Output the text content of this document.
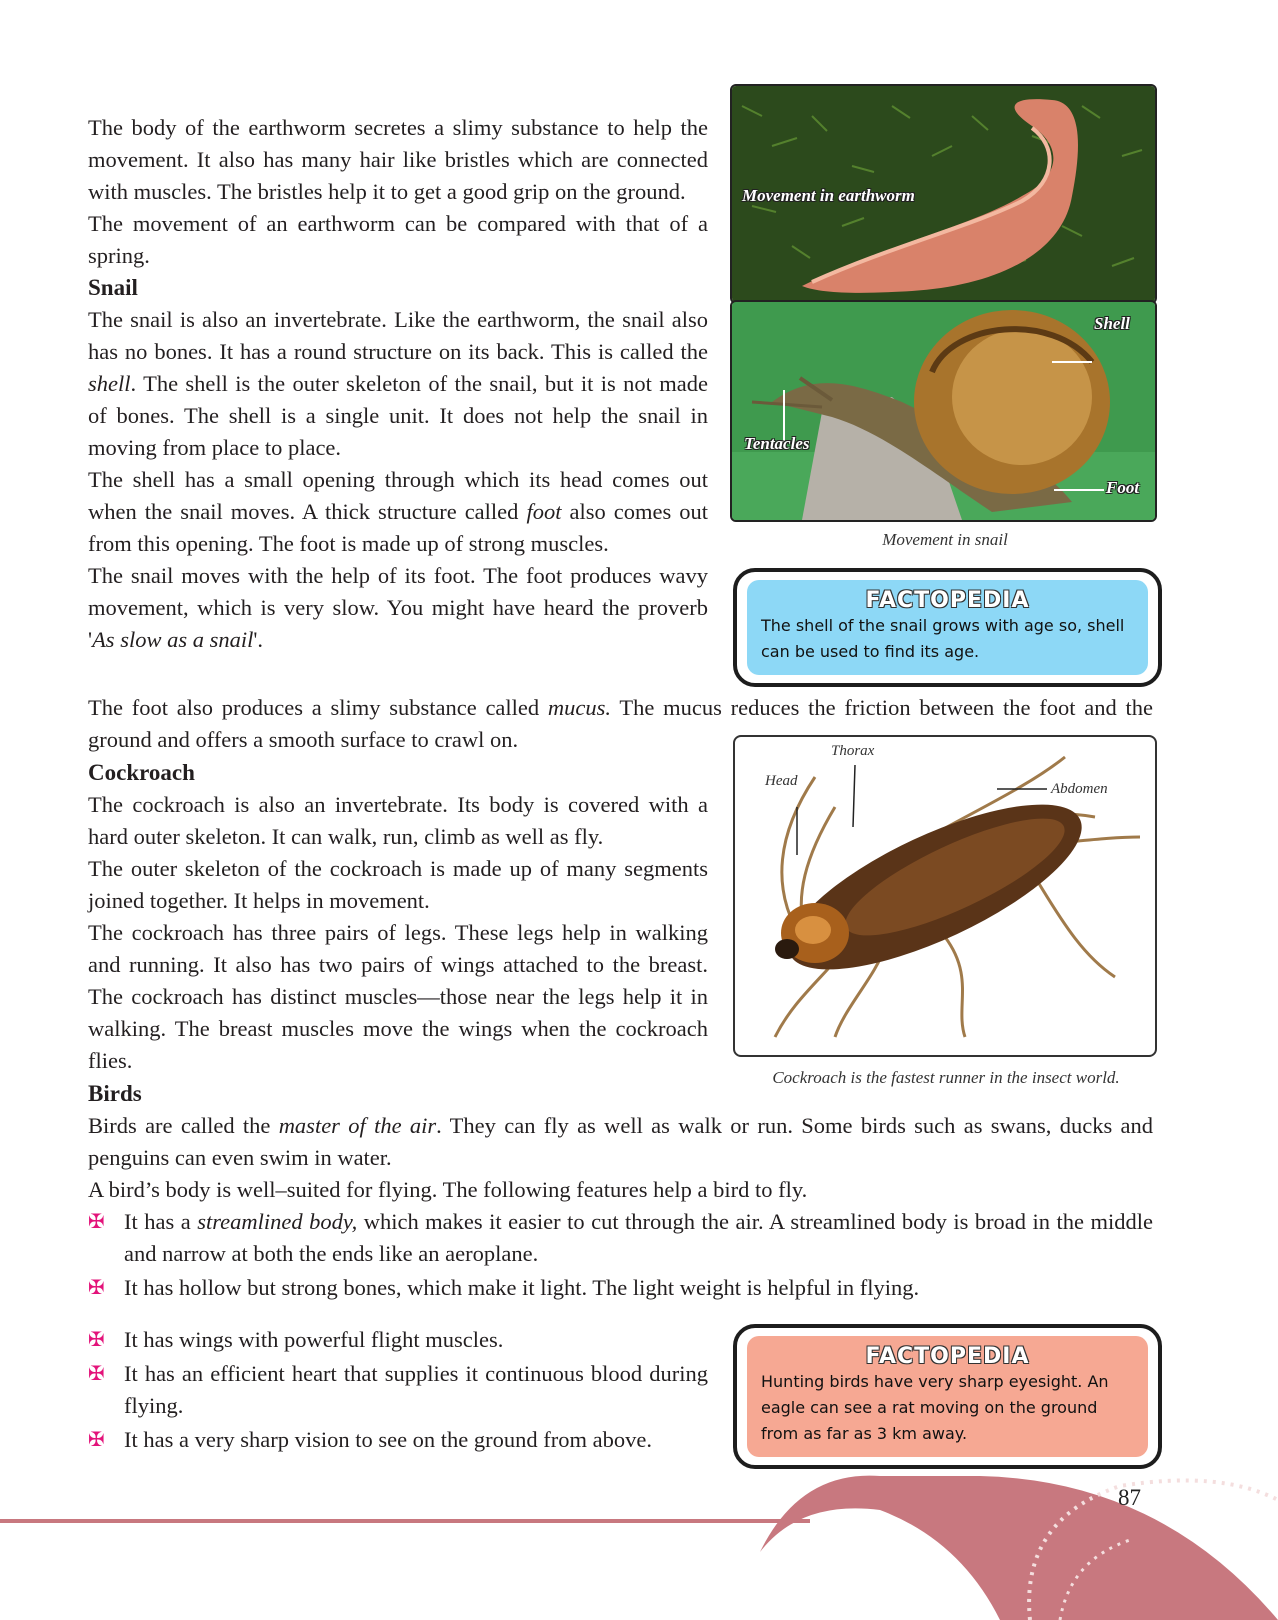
The body of the earthworm secretes a slimy substance to help the movement. It also has many hair like bristles which are connected with muscles. The bristles help it to get a good grip on the ground.

The movement of an earthworm can be compared with that of a spring.

Snail

The snail is also an invertebrate. Like the earthworm, the snail also has no bones. It has a round structure on its back. This is called the shell. The shell is the outer skeleton of the snail, but it is not made of bones. The shell is a single unit. It does not help the snail in moving from place to place.

The shell has a small opening through which its head comes out when the snail moves. A thick structure called foot also comes out from this opening. The foot is made up of strong muscles.

The snail moves with the help of its foot. The foot produces wavy movement, which is very slow. You might have heard the proverb 'As slow as a snail'.

The foot also produces a slimy substance called mucus. The mucus reduces the friction between the foot and the ground and offers a smooth surface to crawl on.

Cockroach

The cockroach is also an invertebrate. Its body is covered with a hard outer skeleton. It can walk, run, climb as well as fly.

The outer skeleton of the cockroach is made up of many segments joined together. It helps in movement.

The cockroach has three pairs of legs. These legs help in walking and running. It also has two pairs of wings attached to the breast. The cockroach has distinct muscles—those near the legs help it in walking. The breast muscles move the wings when the cockroach flies.

Birds

Birds are called the master of the air. They can fly as well as walk or run. Some birds such as swans, ducks and penguins can even swim in water.

A bird’s body is well–suited for flying. The following features help a bird to fly.

✠ It has a streamlined body, which makes it easier to cut through the air. A streamlined body is broad in the middle and narrow at both the ends like an aeroplane.
✠ It has hollow but strong bones, which make it light. The light weight is helpful in flying.
✠ It has wings with powerful flight muscles.
✠ It has an efficient heart that supplies it continuous blood during flying.
✠ It has a very sharp vision to see on the ground from above.
Movement in earthworm
Shell
Tentacles
Foot
Movement in snail
FACTOPEDIA
The shell of the snail grows with age so, shell can be used to find its age.
Head
Thorax
Abdomen
Cockroach is the fastest runner in the insect world.
FACTOPEDIA
Hunting birds have very sharp eyesight. An eagle can see a rat moving on the ground from as far as 3 km away.
87
